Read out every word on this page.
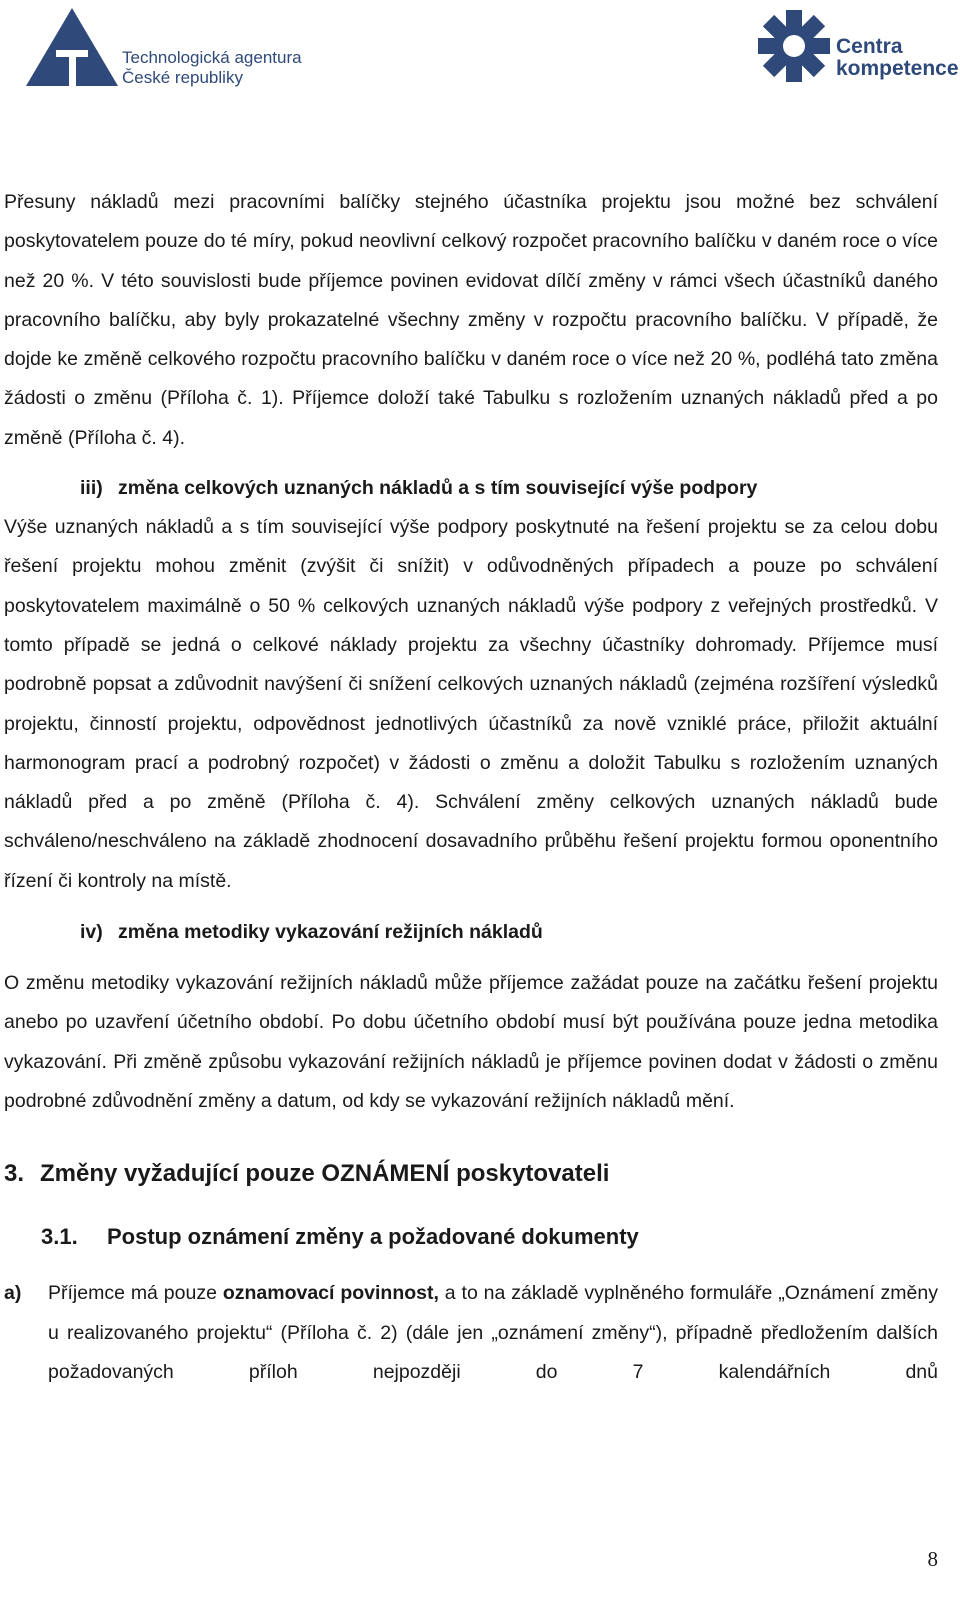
Technologická agentura
České republiky
Centra
kompetence

Přesuny nákladů mezi pracovními balíčky stejného účastníka projektu jsou možné bez schválení poskytovatelem pouze do té míry, pokud neovlivní celkový rozpočet pracovního balíčku v daném roce o více než 20 %. V této souvislosti bude příjemce povinen evidovat dílčí změny v rámci všech účastníků daného pracovního balíčku, aby byly prokazatelné všechny změny v rozpočtu pracovního balíčku. V případě, že dojde ke změně celkového rozpočtu pracovního balíčku v daném roce o více než 20 %, podléhá tato změna žádosti o změnu (Příloha č. 1). Příjemce doloží také Tabulku s rozložením uznaných nákladů před a po změně (Příloha č. 4).

iii) změna celkových uznaných nákladů a s tím související výše podpory

Výše uznaných nákladů a s tím související výše podpory poskytnuté na řešení projektu se za celou dobu řešení projektu mohou změnit (zvýšit či snížit) v odůvodněných případech a pouze po schválení poskytovatelem maximálně o 50 % celkových uznaných nákladů výše podpory z veřejných prostředků. V tomto případě se jedná o celkové náklady projektu za všechny účastníky dohromady. Příjemce musí podrobně popsat a zdůvodnit navýšení či snížení celkových uznaných nákladů (zejména rozšíření výsledků projektu, činností projektu, odpovědnost jednotlivých účastníků za nově vzniklé práce, přiložit aktuální harmonogram prací a podrobný rozpočet) v žádosti o změnu a doložit Tabulku s rozložením uznaných nákladů před a po změně (Příloha č. 4). Schválení změny celkových uznaných nákladů bude schváleno/neschváleno na základě zhodnocení dosavadního průběhu řešení projektu formou oponentního řízení či kontroly na místě.

iv) změna metodiky vykazování režijních nákladů

O změnu metodiky vykazování režijních nákladů může příjemce zažádat pouze na začátku řešení projektu anebo po uzavření účetního období. Po dobu účetního období musí být používána pouze jedna metodika vykazování. Při změně způsobu vykazování režijních nákladů je příjemce povinen dodat v žádosti o změnu podrobné zdůvodnění změny a datum, od kdy se vykazování režijních nákladů mění.

3. Změny vyžadující pouze OZNÁMENÍ poskytovateli
3.1. Postup oznámení změny a požadované dokumenty
a) Příjemce má pouze oznamovací povinnost, a to na základě vyplněného formuláře „Oznámení změny u realizovaného projektu“ (Příloha č. 2) (dále jen „oznámení změny“), případně předložením dalších požadovaných příloh nejpozději do 7 kalendářních dnů

8
